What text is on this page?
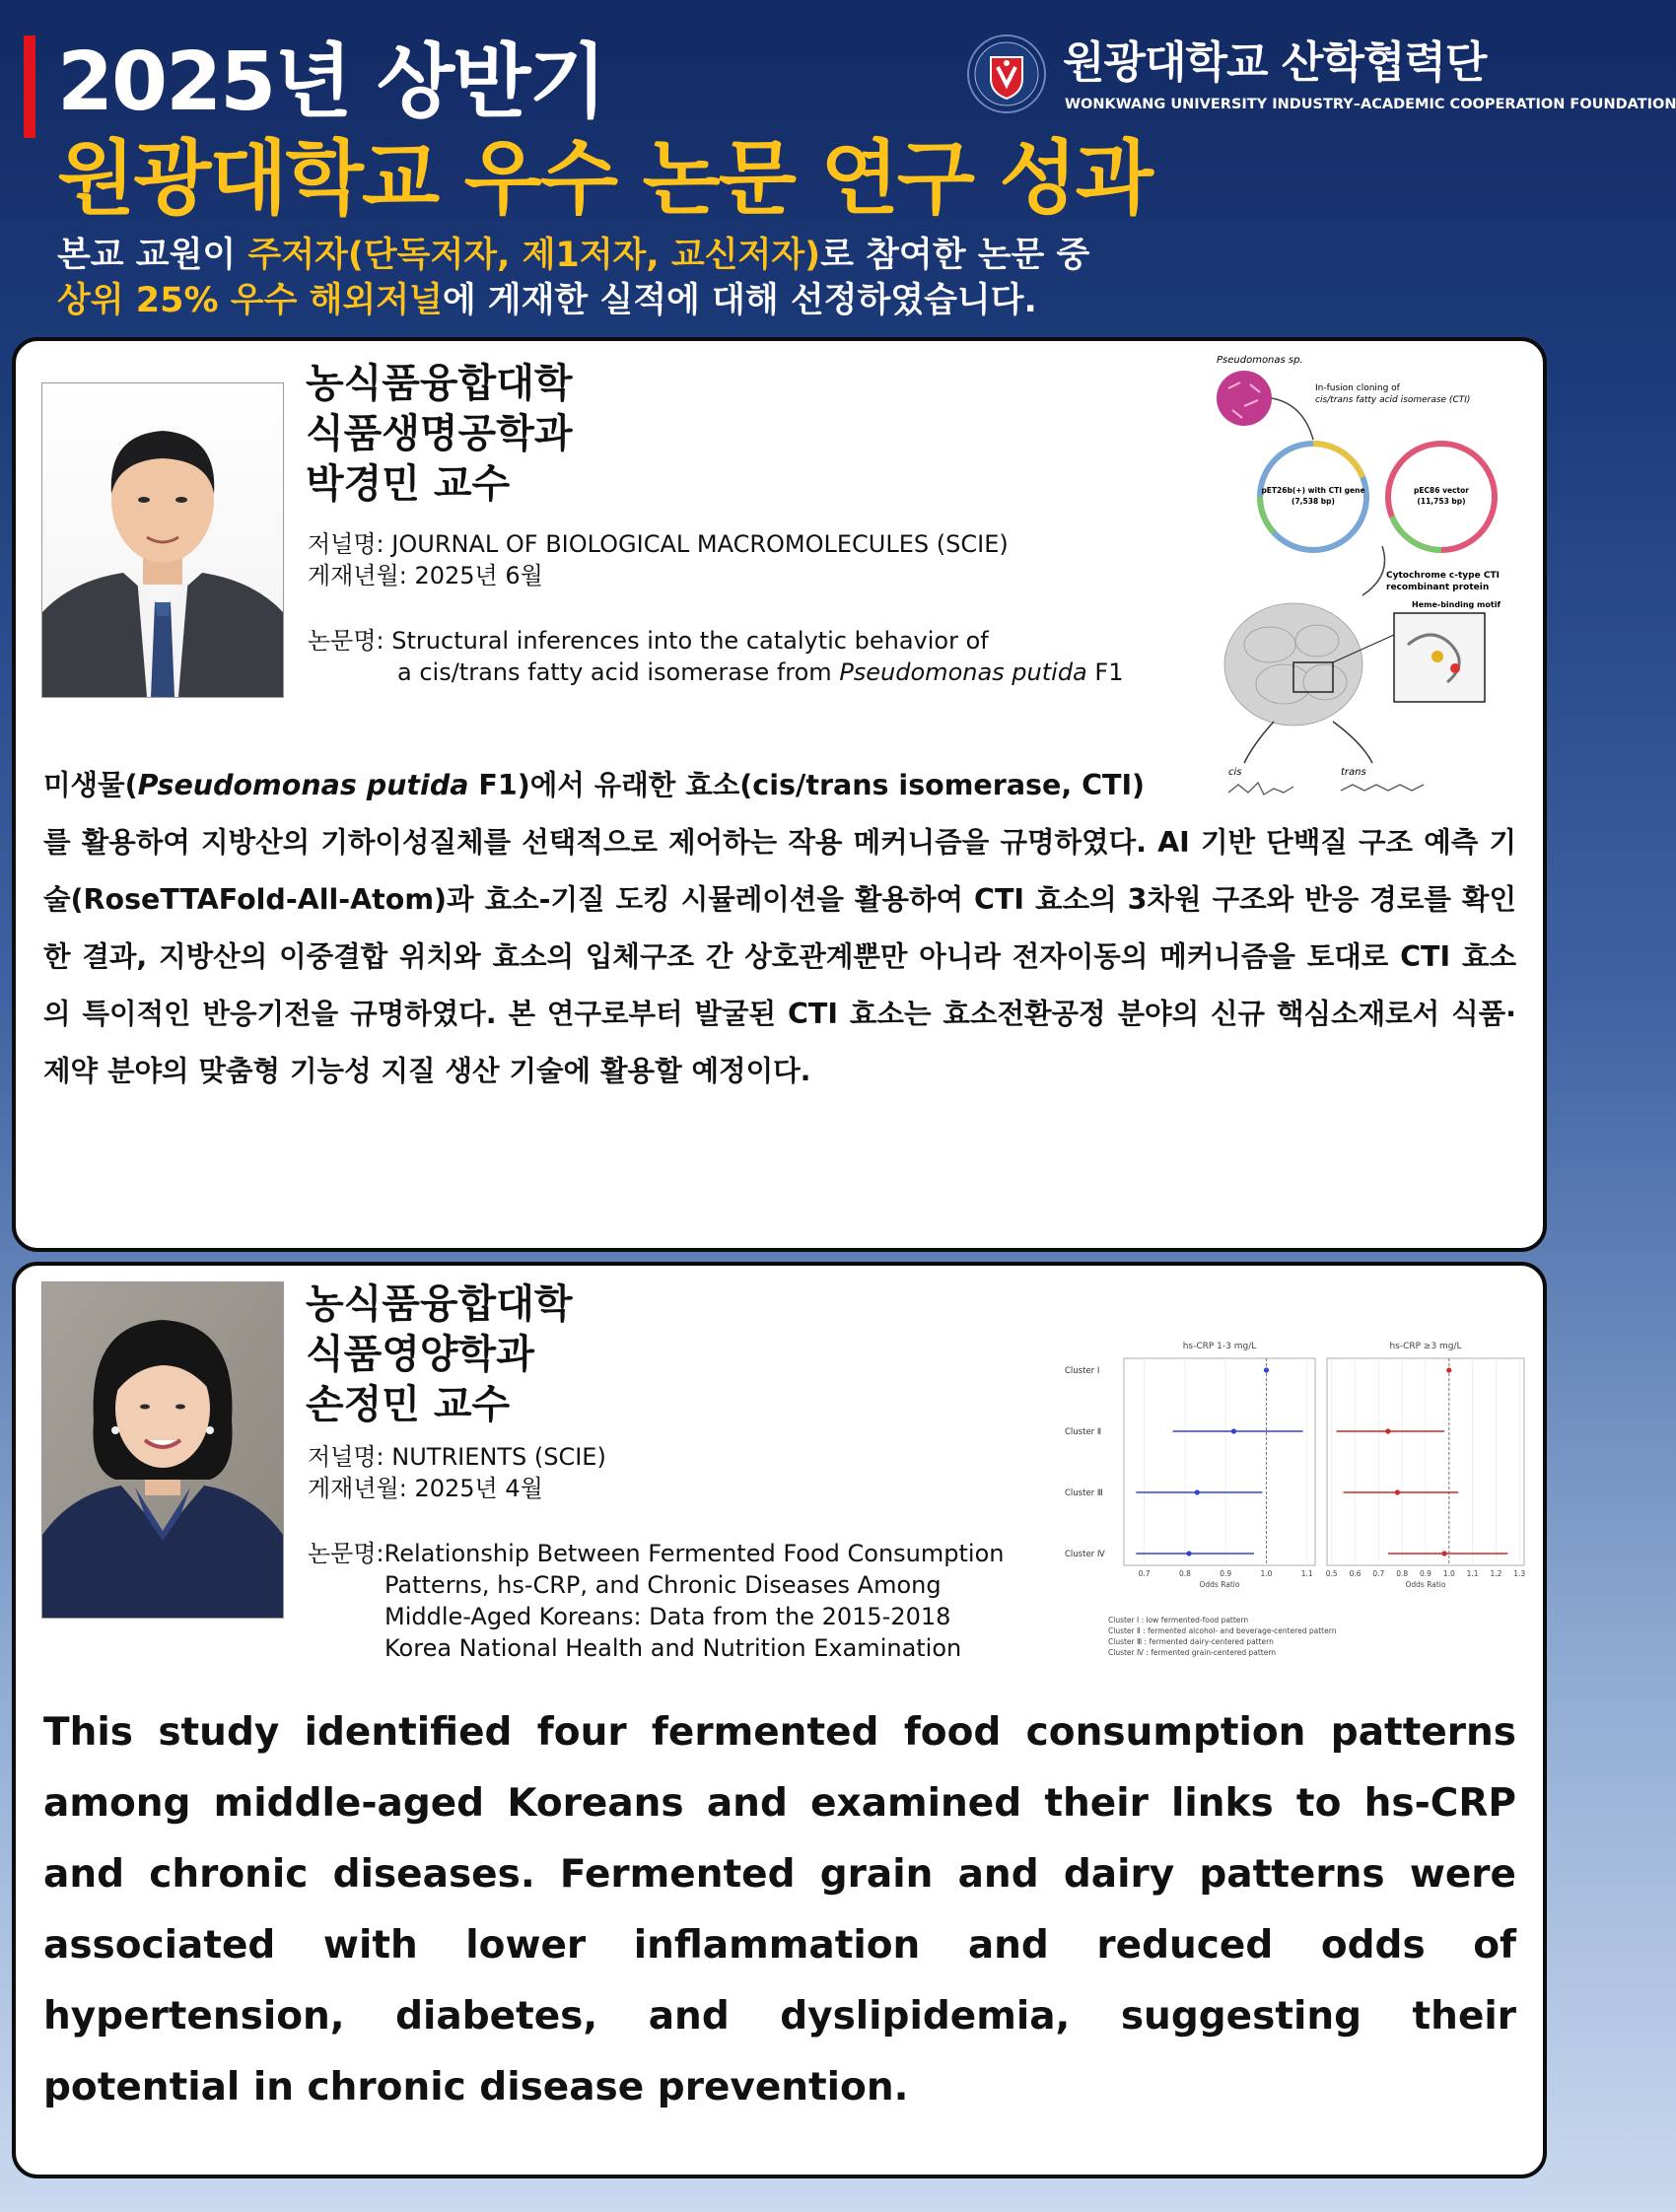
2025년 상반기
원광대학교 우수 논문 연구 성과
본교 교원이 주저자(단독저자, 제1저자, 교신저자)로 참여한 논문 중
상위 25% 우수 해외저널에 게재한 실적에 대해 선정하였습니다.
원광대학교 산학협력단
WONKWANG UNIVERSITY INDUSTRY–ACADEMIC COOPERATION FOUNDATION
농식품융합대학
식품생명공학과
박경민 교수
저널명: JOURNAL OF BIOLOGICAL MACROMOLECULES (SCIE)
게재년월: 2025년 6월
논문명: Structural inferences into the catalytic behavior of
a cis/trans fatty acid isomerase from Pseudomonas putida F1
Pseudomonas sp.
In-fusion cloning of
cis/trans fatty acid isomerase (CTI)
pET26b(+) with CTI gene
(7,538 bp)
pEC86 vector
(11,753 bp)
Cytochrome c-type CTI
recombinant protein
Heme-binding motif
cis	trans
미생물(Pseudomonas putida F1)에서 유래한 효소(cis/trans isomerase, CTI)
를 활용하여 지방산의 기하이성질체를 선택적으로 제어하는 작용 메커니즘을 규명하였다. AI 기반 단백질 구조 예측 기술(RoseTTAFold-All-Atom)과 효소-기질 도킹 시뮬레이션을 활용하여 CTI 효소의 3차원 구조와 반응 경로를 확인한 결과, 지방산의 이중결합 위치와 효소의 입체구조 간 상호관계뿐만 아니라 전자이동의 메커니즘을 토대로 CTI 효소의 특이적인 반응기전을 규명하였다. 본 연구로부터 발굴된 CTI 효소는 효소전환공정 분야의 신규 핵심소재로서 식품·제약 분야의 맞춤형 기능성 지질 생산 기술에 활용할 예정이다.
농식품융합대학
식품영양학과
손정민 교수
저널명: NUTRIENTS (SCIE)
게재년월: 2025년 4월
논문명:Relationship Between Fermented Food Consumption
Patterns, hs-CRP, and Chronic Diseases Among
Middle-Aged Koreans: Data from the 2015-2018
Korea National Health and Nutrition Examination
hs-CRP 1-3 mg/L
0.7	0.8	0.9	1.0	1.1
Odds Ratio
Cluster Ⅰ
Cluster Ⅱ
Cluster Ⅲ
Cluster Ⅳ
hs-CRP ≥3 mg/L
0.5 0.6 0.7 0.8 0.9 1.0 1.1 1.2 1.3
Odds Ratio
Cluster Ⅰ : low fermented-food pattern
Cluster Ⅱ : fermented alcohol- and beverage-centered pattern
Cluster Ⅲ : fermented dairy-centered pattern
Cluster Ⅳ : fermented grain-centered pattern
This study identified four fermented food consumption patterns among middle-aged Koreans and examined their links to hs-CRP and chronic diseases. Fermented grain and dairy patterns were associated with lower inflammation and reduced odds of hypertension, diabetes, and dyslipidemia, suggesting their potential in chronic disease prevention.
